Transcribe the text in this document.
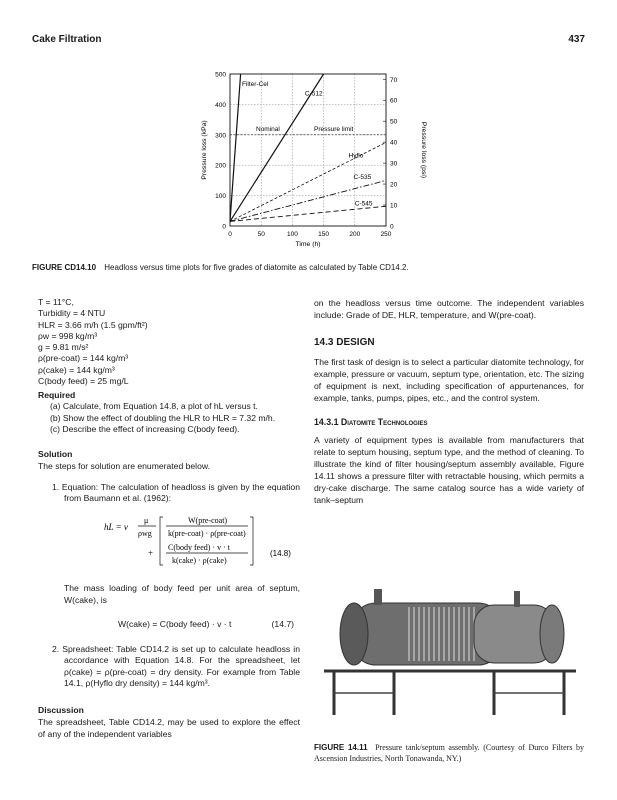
Cake Filtration	437
0	50	100	150	200	250
0
100
200
300
400
500
0
10
20
30
40
50
60
70
Nominal	Pressure limit
Filter-Cel
C-512
Hyflo
C-535
C-545
Time (h)
Pressure loss (kPa)	Pressure loss (psi)
FIGURE CD14.10 Headloss versus time plots for five grades of diatomite as calculated by Table CD14.2.
T = 11°C,
Turbidity = 4 NTU
HLR = 3.66 m/h (1.5 gpm/ft²)
ρw = 998 kg/m³
g = 9.81 m/s²
ρ(pre-coat) = 144 kg/m³
ρ(cake) = 144 kg/m³
C(body feed) = 25 mg/L
Required
(a) Calculate, from Equation 14.8, a plot of hL versus t.
(b) Show the effect of doubling the HLR to HLR = 7.32 m/h.
(c) Describe the effect of increasing C(body feed).
Solution
The steps for solution are enumerated below.
1. Equation: The calculation of headloss is given by the equation from Baumann et al. (1962):
hL = v
μ
ρwg
W(pre-coat)
k(pre-coat) · ρ(pre-coat)
+
C(body feed) · v · t
k(cake) · ρ(cake)
(14.8)
The mass loading of body feed per unit area of septum, W(cake), is
W(cake) = C(body feed) · v · t	(14.7)
2. Spreadsheet: Table CD14.2 is set up to calculate headloss in accordance with Equation 14.8. For the spreadsheet, let ρ(cake) = ρ(pre-coat) = dry density. For example from Table 14.1, ρ(Hyflo dry density) = 144 kg/m³.
Discussion
The spreadsheet, Table CD14.2, may be used to explore the effect of any of the independent variables
on the headloss versus time outcome. The independent variables include: Grade of DE, HLR, temperature, and W(pre-coat).
14.3 DESIGN
The first task of design is to select a particular diatomite technology, for example, pressure or vacuum, septum type, orientation, etc. The sizing of equipment is next, including specification of appurtenances, for example, tanks, pumps, pipes, etc., and the control system.
14.3.1 Diatomite Technologies
A variety of equipment types is available from manufacturers that relate to septum housing, septum type, and the method of cleaning. To illustrate the kind of filter housing/septum assembly available, Figure 14.11 shows a pressure filter with retractable housing, which permits a dry-cake discharge. The same catalog source has a wide variety of tank–septum
FIGURE 14.11 Pressure tank/septum assembly. (Courtesy of Durco Filters by Ascension Industries, North Tonawanda, NY.)
